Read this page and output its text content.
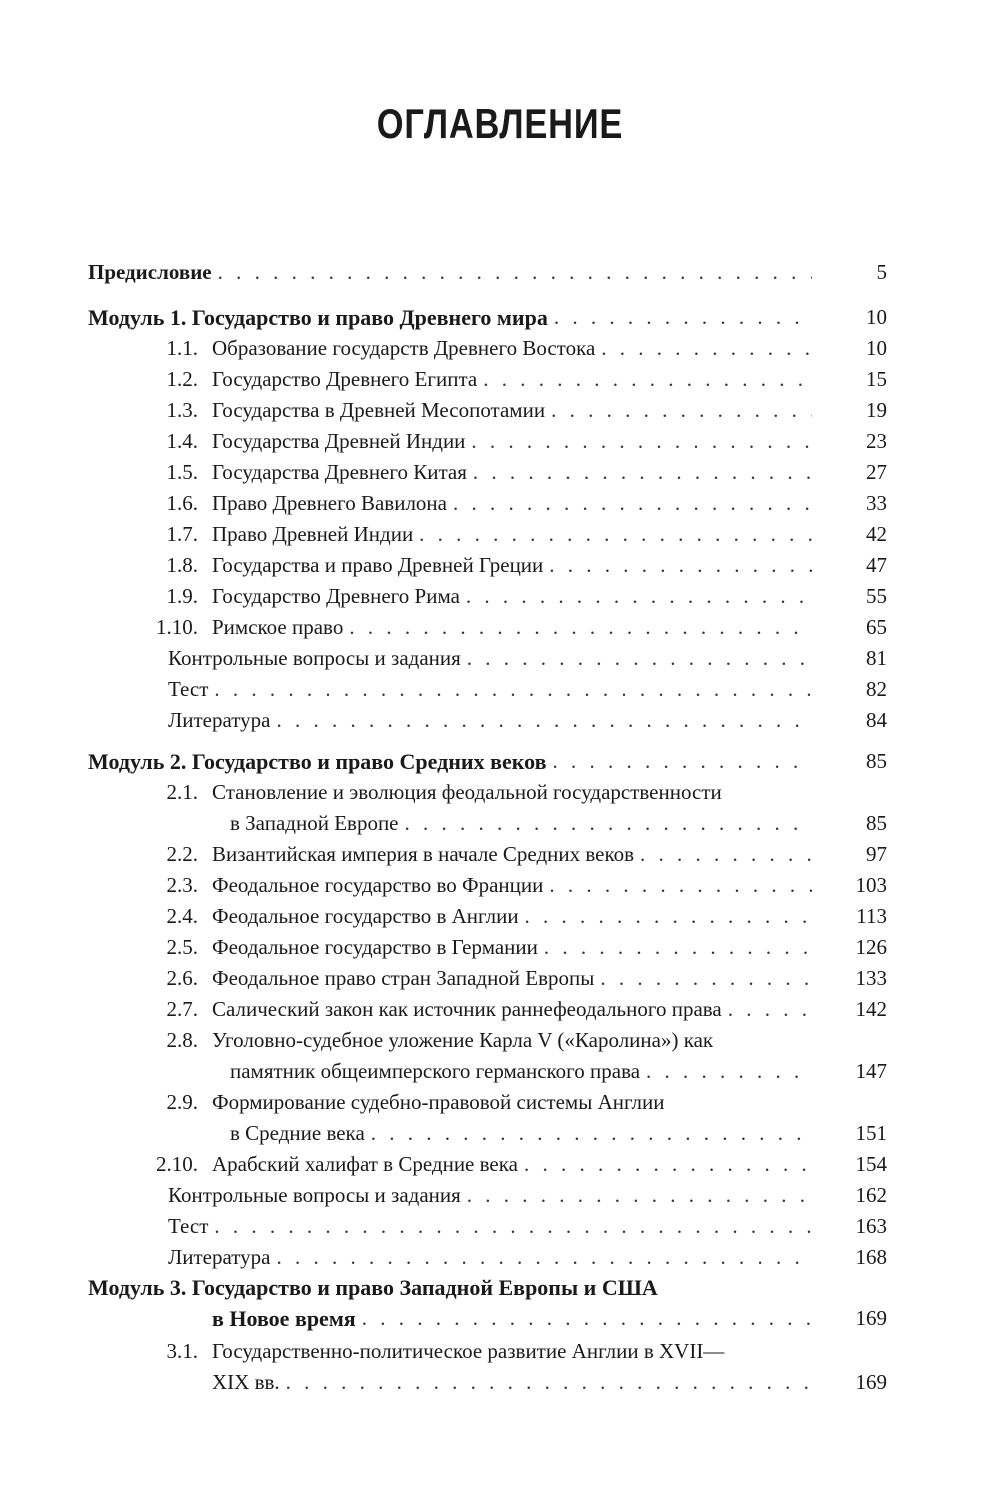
ОГЛАВЛЕНИЕ
Предисловие . . .	5
Модуль 1. Государство и право Древнего мира . . .	10
1.1. Образование государств Древнего Востока . . .	10
1.2. Государство Древнего Египта . . .	15
1.3. Государства в Древней Месопотамии . . .	19
1.4. Государства Древней Индии . . .	23
1.5. Государства Древнего Китая . . .	27
1.6. Право Древнего Вавилона . . .	33
1.7. Право Древней Индии . . .	42
1.8. Государства и право Древней Греции . . .	47
1.9. Государство Древнего Рима . . .	55
1.10. Римское право . . .	65
Контрольные вопросы и задания . . .	81
Тест . . .	82
Литература . . .	84
Модуль 2. Государство и право Средних веков . . .	85
2.1. Становление и эволюция феодальной государственности
в Западной Европе . . .	85
2.2. Византийская империя в начале Средних веков . . .	97
2.3. Феодальное государство во Франции . . .	103
2.4. Феодальное государство в Англии . . .	113
2.5. Феодальное государство в Германии . . .	126
2.6. Феодальное право стран Западной Европы . . .	133
2.7. Салический закон как источник раннефеодального права . . .	142
2.8. Уголовно-судебное уложение Карла V («Каролина») как
памятник общеимперского германского права . . .	147
2.9. Формирование судебно-правовой системы Англии
в Средние века . . .	151
2.10. Арабский халифат в Средние века . . .	154
Контрольные вопросы и задания . . .	162
Тест . . .	163
Литература . . .	168
Модуль 3. Государство и право Западной Европы и США
в Новое время . . .	169
3.1. Государственно-политическое развитие Англии в XVII—
XIX вв. . . .	169
